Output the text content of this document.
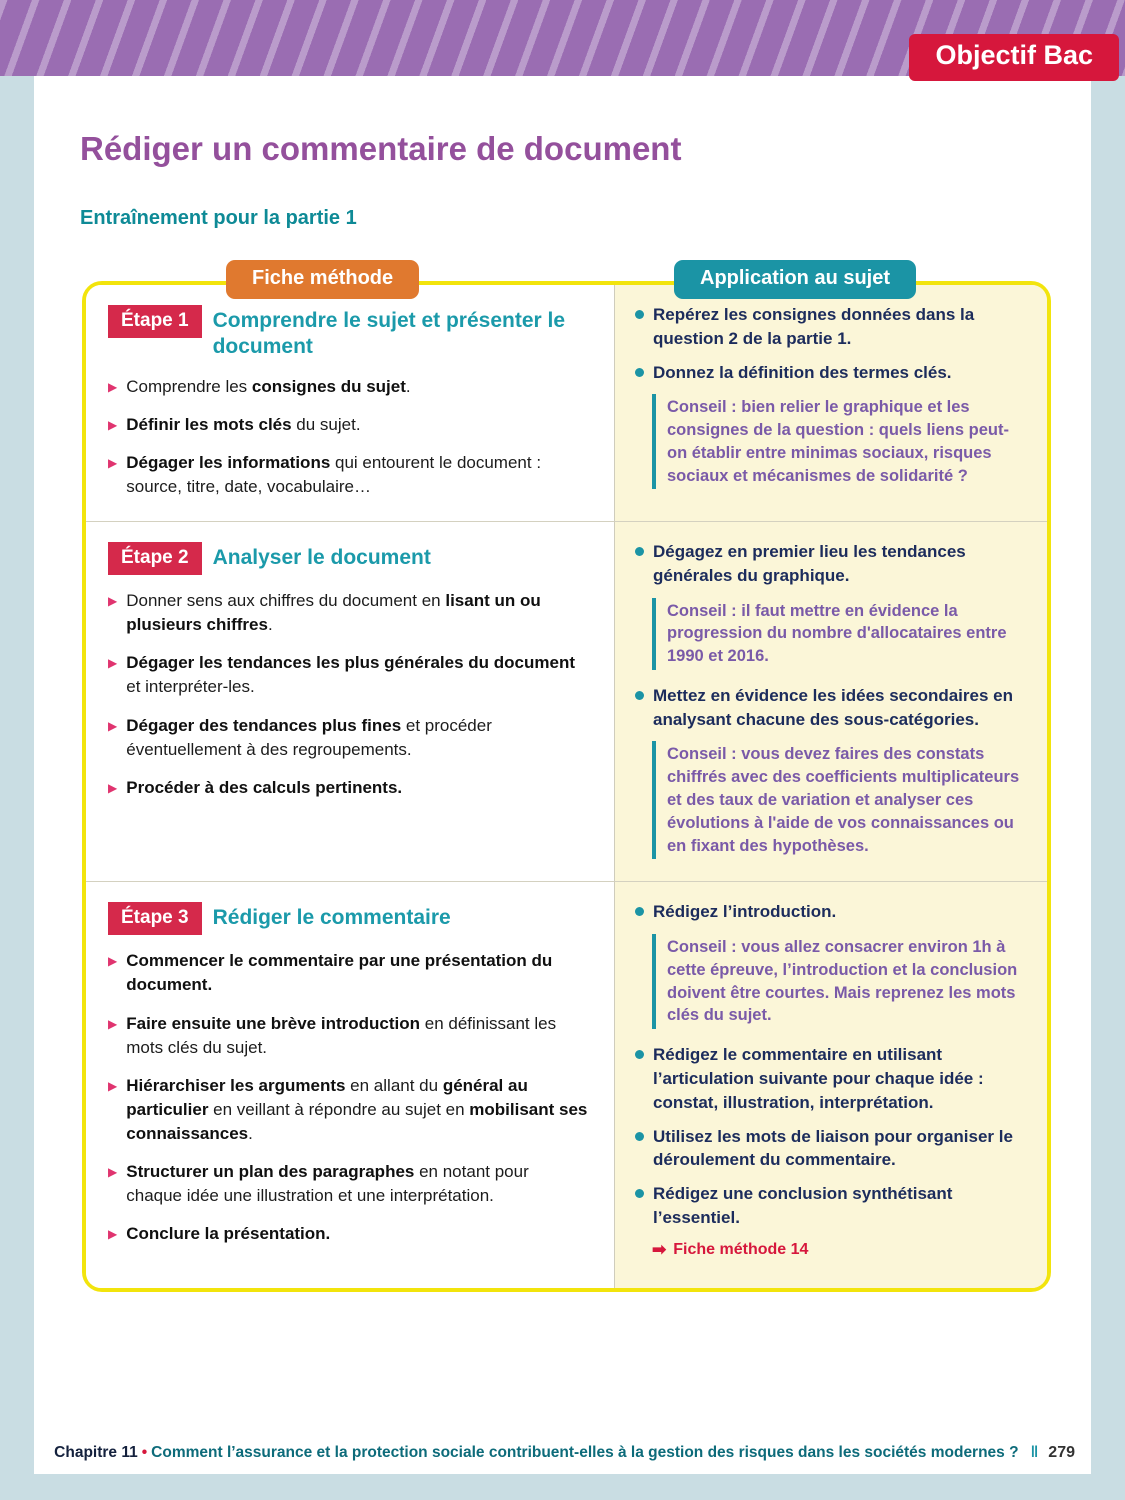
Objectif Bac
Rédiger un commentaire de document
Entraînement pour la partie 1
Fiche méthode	Application au sujet
Étape 1	Comprendre le sujet et présenter le document
▶ Comprendre les consignes du sujet.
▶ Définir les mots clés du sujet.
▶ Dégager les informations qui entourent le document : source, titre, date, vocabulaire…
Repérez les consignes données dans la question 2 de la partie 1.
Donnez la définition des termes clés.
Conseil : bien relier le graphique et les consignes de la question : quels liens peut-on établir entre minimas sociaux, risques sociaux et mécanismes de solidarité ?
Étape 2	Analyser le document
▶ Donner sens aux chiffres du document en lisant un ou plusieurs chiffres.
▶ Dégager les tendances les plus générales du document et interpréter-les.
▶ Dégager des tendances plus fines et procéder éventuellement à des regroupements.
▶ Procéder à des calculs pertinents.
Dégagez en premier lieu les tendances générales du graphique.
Conseil : il faut mettre en évidence la progression du nombre d'allocataires entre 1990 et 2016.
Mettez en évidence les idées secondaires en analysant chacune des sous-catégories.
Conseil : vous devez faires des constats chiffrés avec des coefficients multiplicateurs et des taux de variation et analyser ces évolutions à l'aide de vos connaissances ou en fixant des hypothèses.
Étape 3	Rédiger le commentaire
▶ Commencer le commentaire par une présentation du document.
▶ Faire ensuite une brève introduction en définissant les mots clés du sujet.
▶ Hiérarchiser les arguments en allant du général au particulier en veillant à répondre au sujet en mobilisant ses connaissances.
▶ Structurer un plan des paragraphes en notant pour chaque idée une illustration et une interprétation.
▶ Conclure la présentation.
Rédigez l’introduction.
Conseil : vous allez consacrer environ 1h à cette épreuve, l’introduction et la conclusion doivent être courtes. Mais reprenez les mots clés du sujet.
Rédigez le commentaire en utilisant l’articulation suivante pour chaque idée : constat, illustration, interprétation.
Utilisez les mots de liaison pour organiser le déroulement du commentaire.
Rédigez une conclusion synthétisant l’essentiel.
➡ Fiche méthode 14
Chapitre 11 • Comment l’assurance et la protection sociale contribuent-elles à la gestion des risques dans les sociétés modernes ? ‖ 279
